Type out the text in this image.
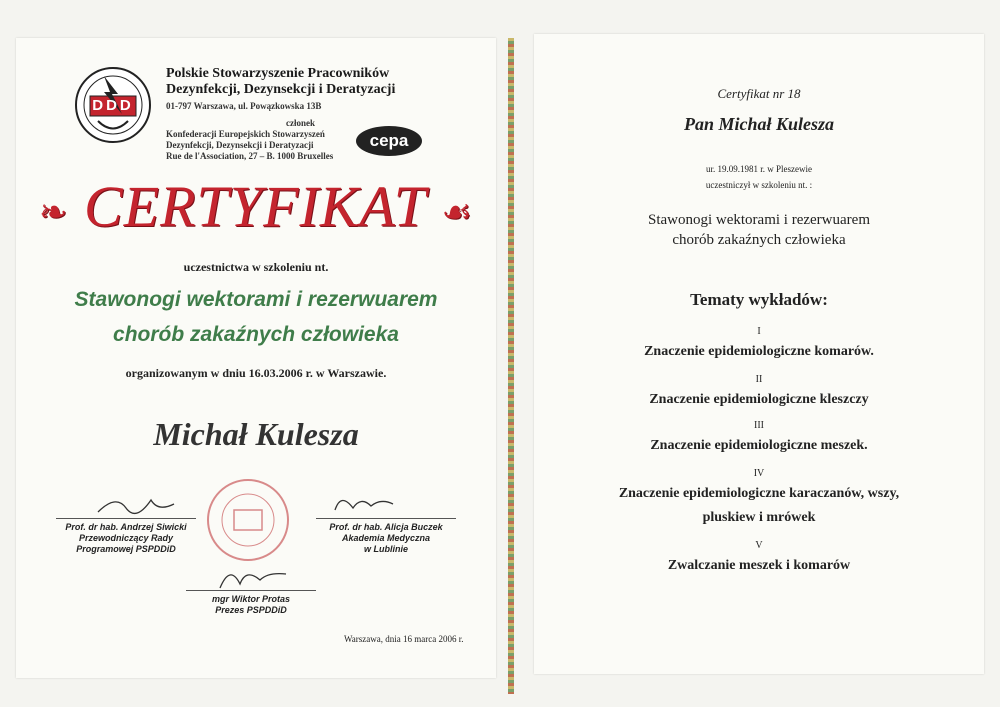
DDD
Polskie Stowarzyszenie Pracowników
Dezynfekcji, Dezynsekcji i Deratyzacji
01-797 Warszawa, ul. Powązkowska 13B
członek
Konfederacji Europejskich Stowarzyszeń
Dezynfekcji, Dezynsekcji i Deratyzacji
Rue de l'Association, 27 – B. 1000 Bruxelles
cepa
❧ CERTYFIKAT ☙
uczestnictwa w szkoleniu nt.
Stawonogi wektorami i rezerwuarem
chorób zakaźnych człowieka
organizowanym w dniu 16.03.2006 r. w Warszawie.
Michał Kulesza
Prof. dr hab. Andrzej Siwicki
Przewodniczący Rady
Programowej PSPDDiD
Prof. dr hab. Alicja Buczek
Akademia Medyczna
w Lublinie
mgr Wiktor Protas
Prezes PSPDDiD
Warszawa, dnia 16 marca 2006 r.
Certyfikat nr 18
Pan Michał Kulesza
ur. 19.09.1981 r. w Pleszewie
uczestniczył w szkoleniu nt. :
Stawonogi wektorami i rezerwuarem
chorób zakaźnych człowieka
Tematy wykładów:
I
Znaczenie epidemiologiczne komarów.
II
Znaczenie epidemiologiczne kleszczy
III
Znaczenie epidemiologiczne meszek.
IV
Znaczenie epidemiologiczne karaczanów, wszy,
pluskiew i mrówek
V
Zwalczanie meszek i komarów
